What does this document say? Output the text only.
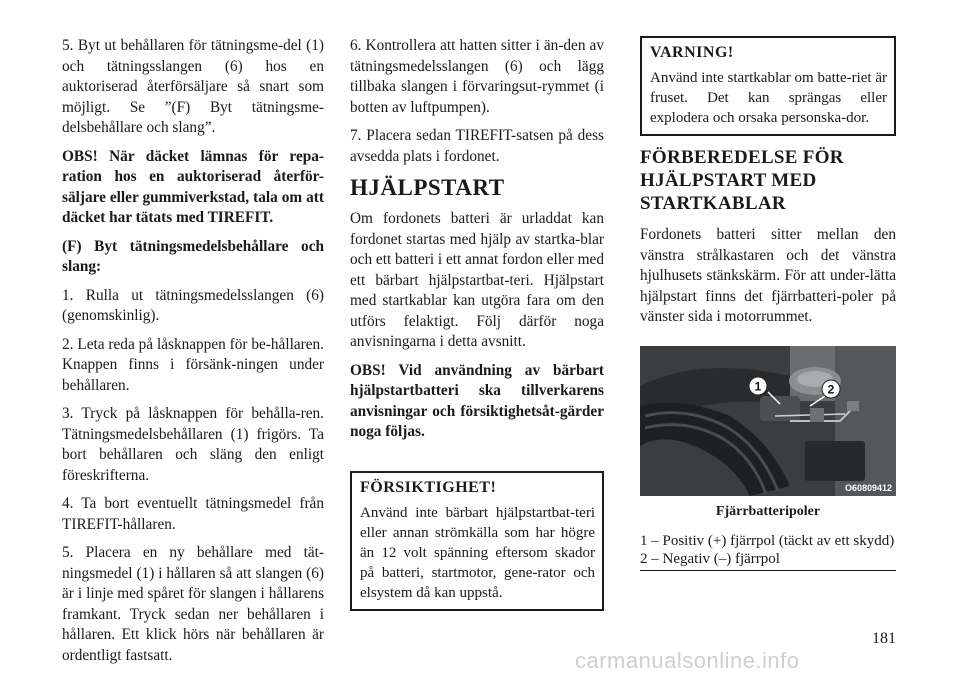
5. Byt ut behållaren för tätningsme-del (1) och tätningsslangen (6) hos en auktoriserad återförsäljare så snart som möjligt. Se ”(F) Byt tätningsme-delsbehållare och slang”.

OBS! När däcket lämnas för repa-ration hos en auktoriserad återför-säljare eller gummiverkstad, tala om att däcket har tätats med TIREFIT.

(F) Byt tätningsmedelsbehållare och slang:

1. Rulla ut tätningsmedelsslangen (6) (genomskinlig).

2. Leta reda på låsknappen för be-hållaren. Knappen finns i försänk-ningen under behållaren.

3. Tryck på låsknappen för behålla-ren. Tätningsmedelsbehållaren (1) frigörs. Ta bort behållaren och släng den enligt föreskrifterna.

4. Ta bort eventuellt tätningsmedel från TIREFIT-hållaren.

5. Placera en ny behållare med tät-ningsmedel (1) i hållaren så att slangen (6) är i linje med spåret för slangen i hållarens framkant. Tryck sedan ner behållaren i hållaren. Ett klick hörs när behållaren är ordentligt fastsatt.

6. Kontrollera att hatten sitter i än-den av tätningsmedelsslangen (6) och lägg tillbaka slangen i förvaringsut-rymmet (i botten av luftpumpen).

7. Placera sedan TIREFIT-satsen på dess avsedda plats i fordonet.

HJÄLPSTART

Om fordonets batteri är urladdat kan fordonet startas med hjälp av startka-blar och ett batteri i ett annat fordon eller med ett bärbart hjälpstartbat-teri. Hjälpstart med startkablar kan utgöra fara om den utförs felaktigt. Följ därför noga anvisningarna i detta avsnitt.

OBS! Vid användning av bärbart hjälpstartbatteri ska tillverkarens anvisningar och försiktighetsåt-gärder noga följas.

FÖRSIKTIGHET!

Använd inte bärbart hjälpstartbat-teri eller annan strömkälla som har högre än 12 volt spänning eftersom skador på batteri, startmotor, gene-rator och elsystem då kan uppstå.

VARNING!

Använd inte startkablar om batte-riet är fruset. Det kan sprängas eller explodera och orsaka personska-dor.

FÖRBEREDELSE FÖR HJÄLPSTART MED STARTKABLAR

Fordonets batteri sitter mellan den vänstra strålkastaren och det vänstra hjulhusets stänkskärm. För att under-lätta hjälpstart finns det fjärrbatteri-poler på vänster sida i motorrummet.

1	2
O60809412
Fjärrbatteripoler

1 – Positiv (+) fjärrpol (täckt av ett skydd)

2 – Negativ (–) fjärrpol

181
carmanualsonline.info
